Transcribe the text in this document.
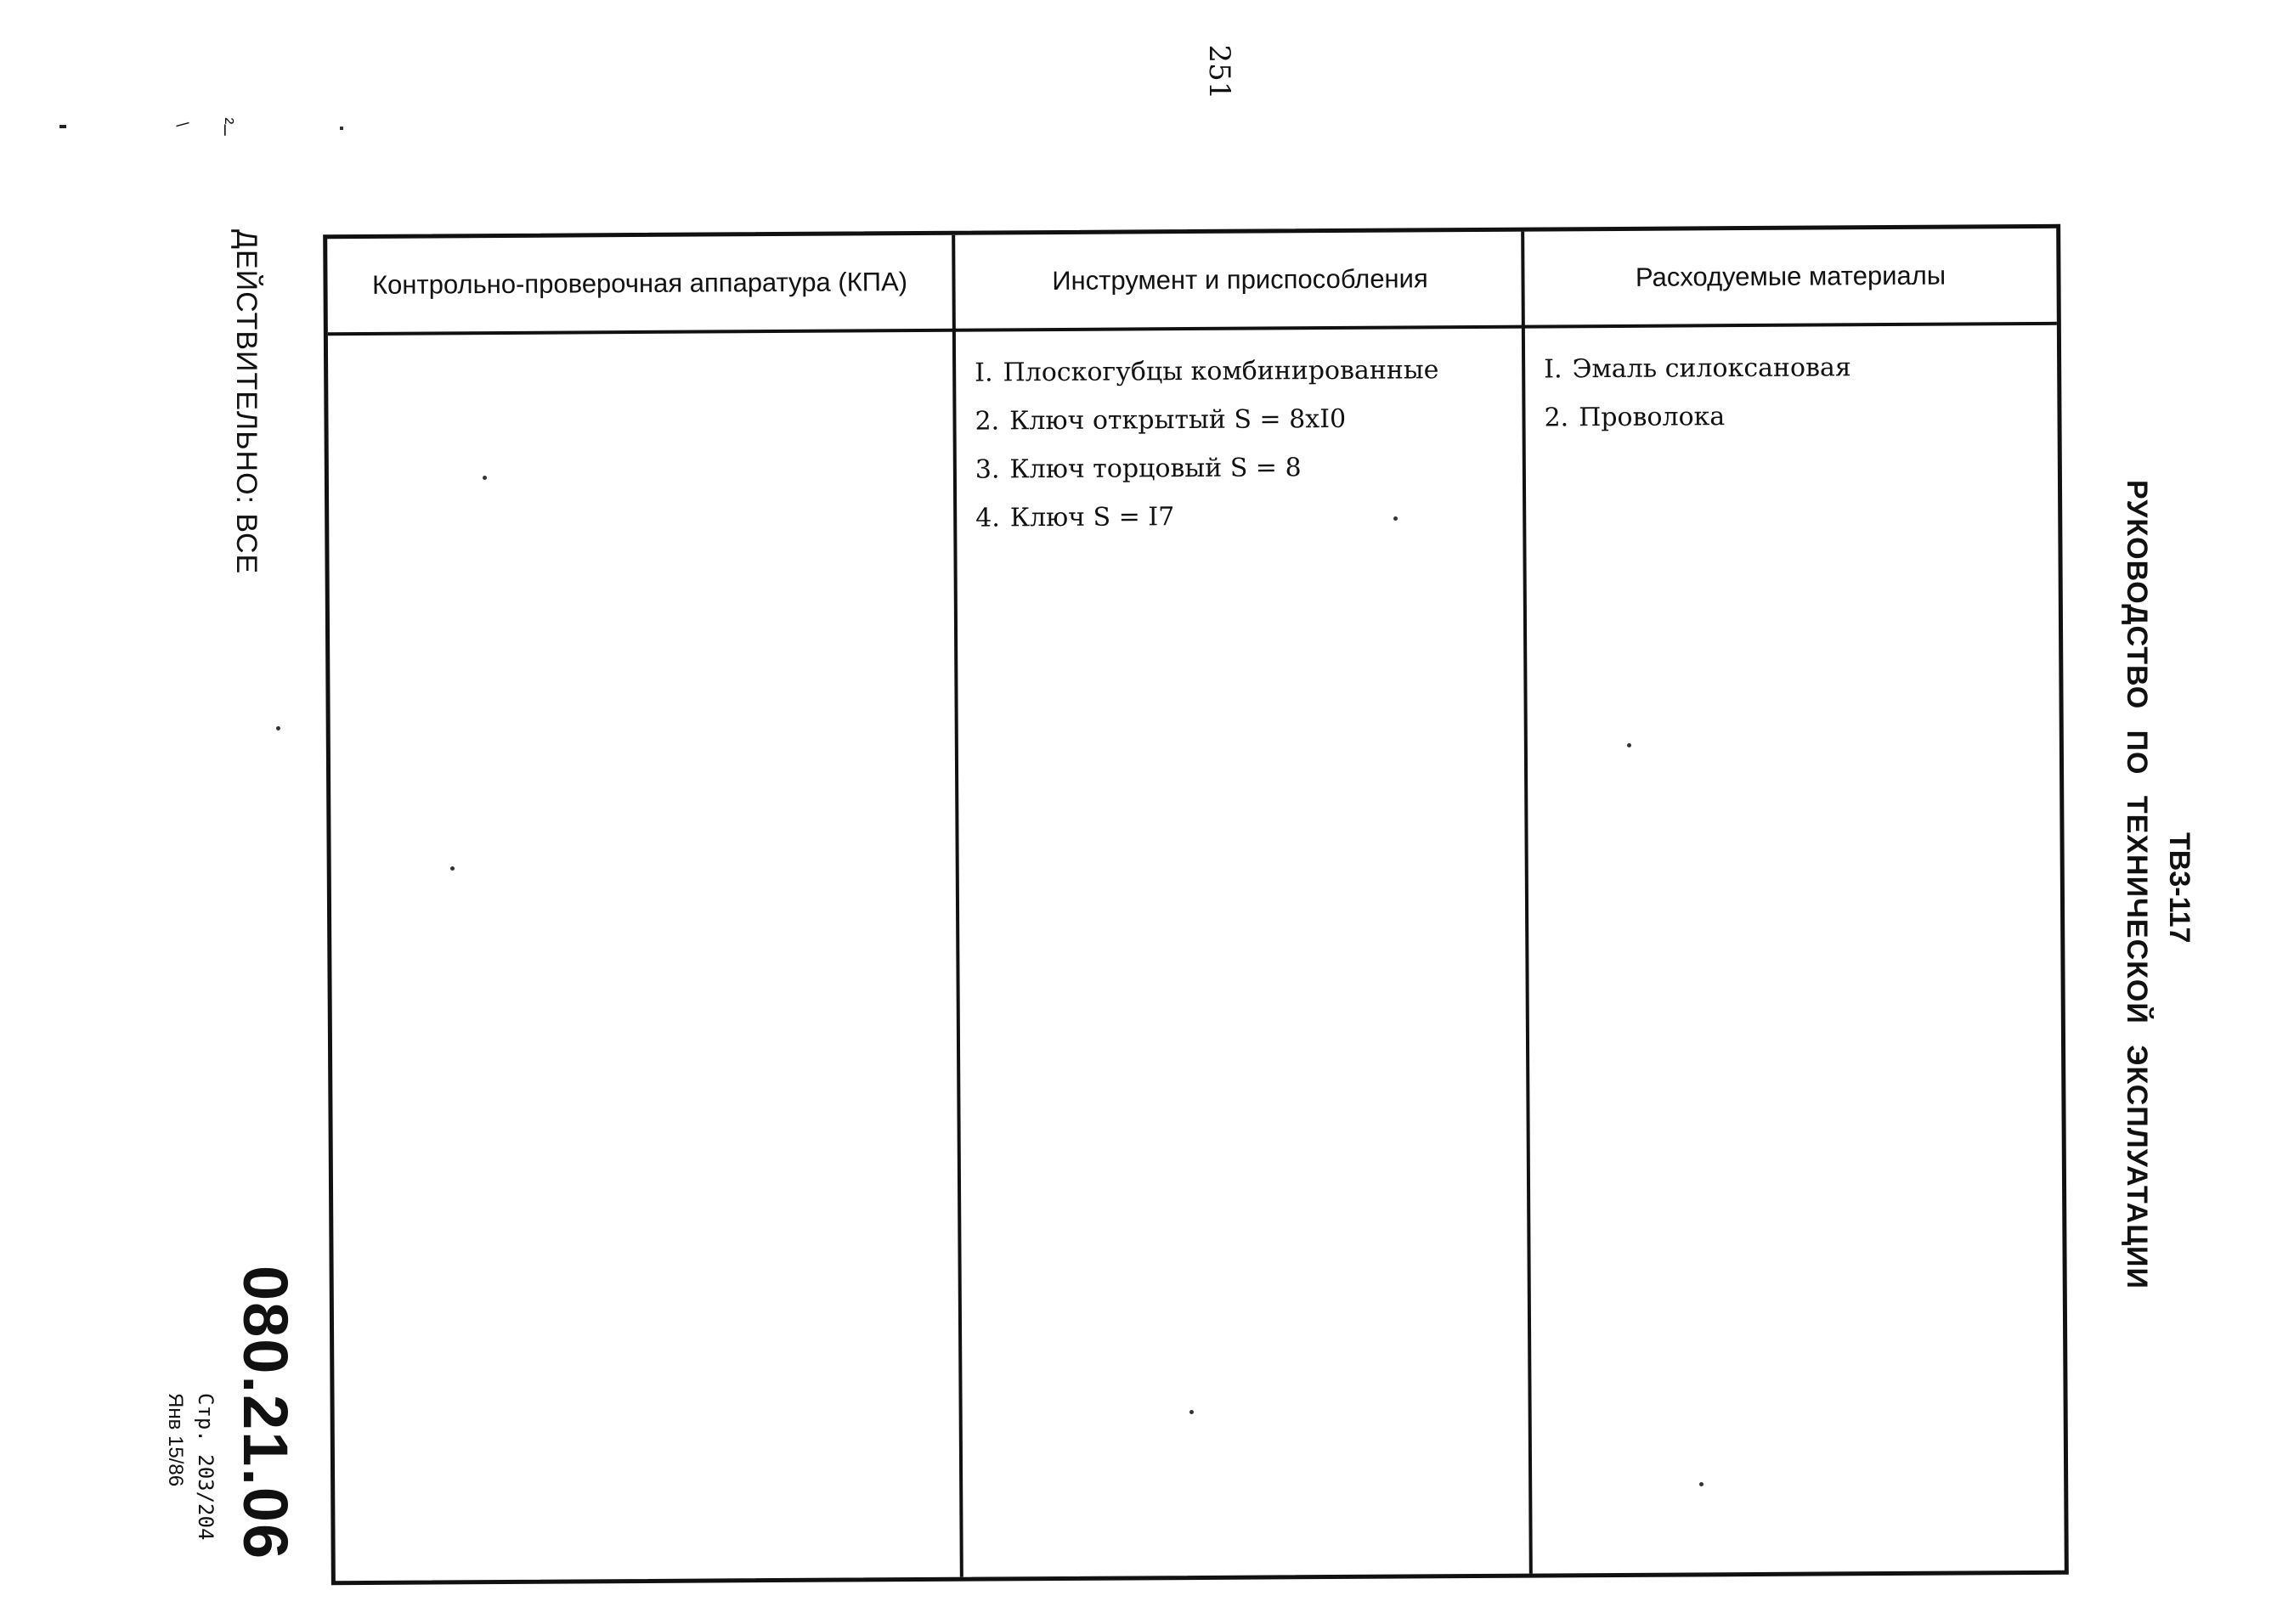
251
\ ²–
ДЕЙСТВИТЕЛЬНО: ВСЕ
080.21.06
Стр. 203/204
Янв 15/86
ТВ3-117
РУКОВОДСТВО ПО ТЕХНИЧЕСКОЙ ЭКСПЛУАТАЦИИ
Контрольно-проверочная аппаратура (КПА)	Инструмент и приспособления
I. Плоскогубцы комбинированные
2. Ключ открытый S = 8xI0
3. Ключ торцовый S = 8
4. Ключ S = I7
Расходуемые материалы
I. Эмаль силоксановая
2. Проволока
